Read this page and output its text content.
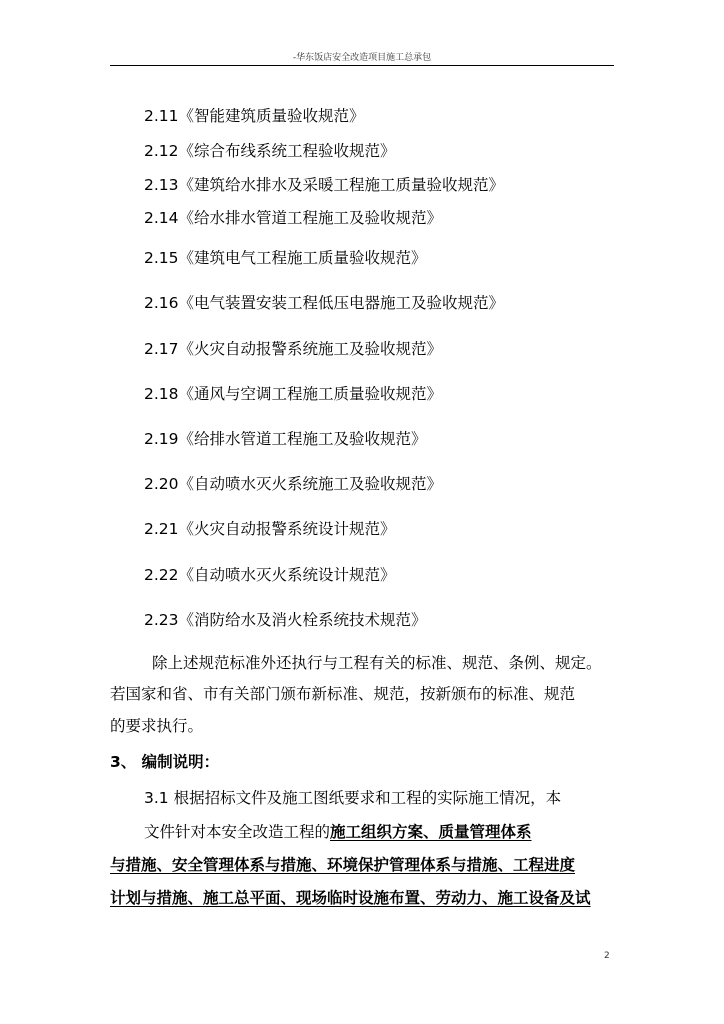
-华东饭店安全改造项目施工总承包
2.11《智能建筑质量验收规范》
2.12《综合布线系统工程验收规范》
2.13《建筑给水排水及采暖工程施工质量验收规范》
2.14《给水排水管道工程施工及验收规范》
2.15《建筑电气工程施工质量验收规范》
2.16《电气装置安装工程低压电器施工及验收规范》
2.17《火灾自动报警系统施工及验收规范》
2.18《通风与空调工程施工质量验收规范》
2.19《给排水管道工程施工及验收规范》
2.20《自动喷水灭火系统施工及验收规范》
2.21《火灾自动报警系统设计规范》
2.22《自动喷水灭火系统设计规范》
2.23《消防给水及消火栓系统技术规范》
除上述规范标准外还执行与工程有关的标准、规范、条例、规定。
若国家和省、市有关部门颁布新标准、规范，按新颁布的标准、规范
的要求执行。
3、 编制说明：
3.1 根据招标文件及施工图纸要求和工程的实际施工情况，本
文件针对本安全改造工程的施工组织方案、质量管理体系
与措施、安全管理体系与措施、环境保护管理体系与措施、工程进度
计划与措施、施工总平面、现场临时设施布置、劳动力、施工设备及试
2
